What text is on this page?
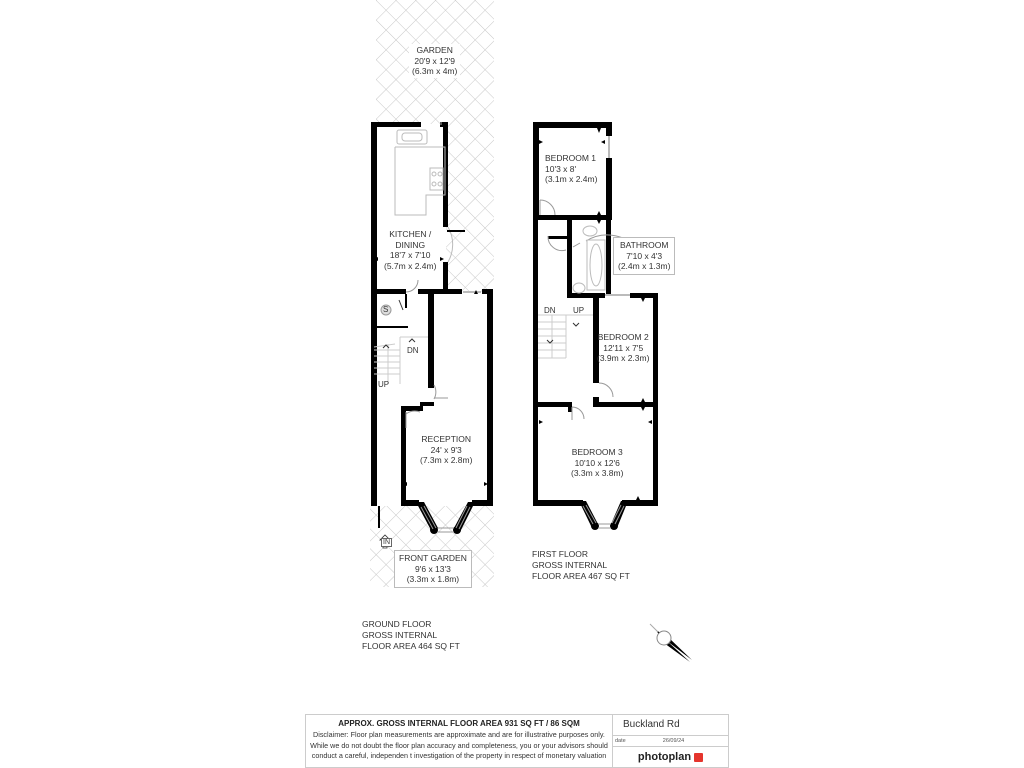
GARDEN
20'9 x 12'9
(6.3m x 4m)
KITCHEN /
DINING
18'7 x 7'10
(5.7m x 2.4m)
RECEPTION
24' x 9'3
(7.3m x 2.8m)
FRONT GARDEN
9'6 x 13'3
(3.3m x 1.8m)
S
DN
UP
IN
BEDROOM 1
10'3 x 8'
(3.1m x 2.4m)
BATHROOM
7'10 x 4'3
(2.4m x 1.3m)
BEDROOM 2
12'11 x 7'5
(3.9m x 2.3m)
BEDROOM 3
10'10 x 12'6
(3.3m x 3.8m)
DN UP
FIRST FLOOR
GROSS INTERNAL
FLOOR AREA 467 SQ FT
GROUND FLOOR
GROSS INTERNAL
FLOOR AREA 464 SQ FT
APPROX. GROSS INTERNAL FLOOR AREA 931 SQ FT / 86 SQM
Disclaimer: Floor plan measurements are approximate and are for illustrative purposes only.
While we do not doubt the floor plan accuracy and completeness, you or your advisors should
conduct a careful, independen t investigation of the property in respect of monetary valuation
Buckland Rd
date	26/09/24
photoplan
